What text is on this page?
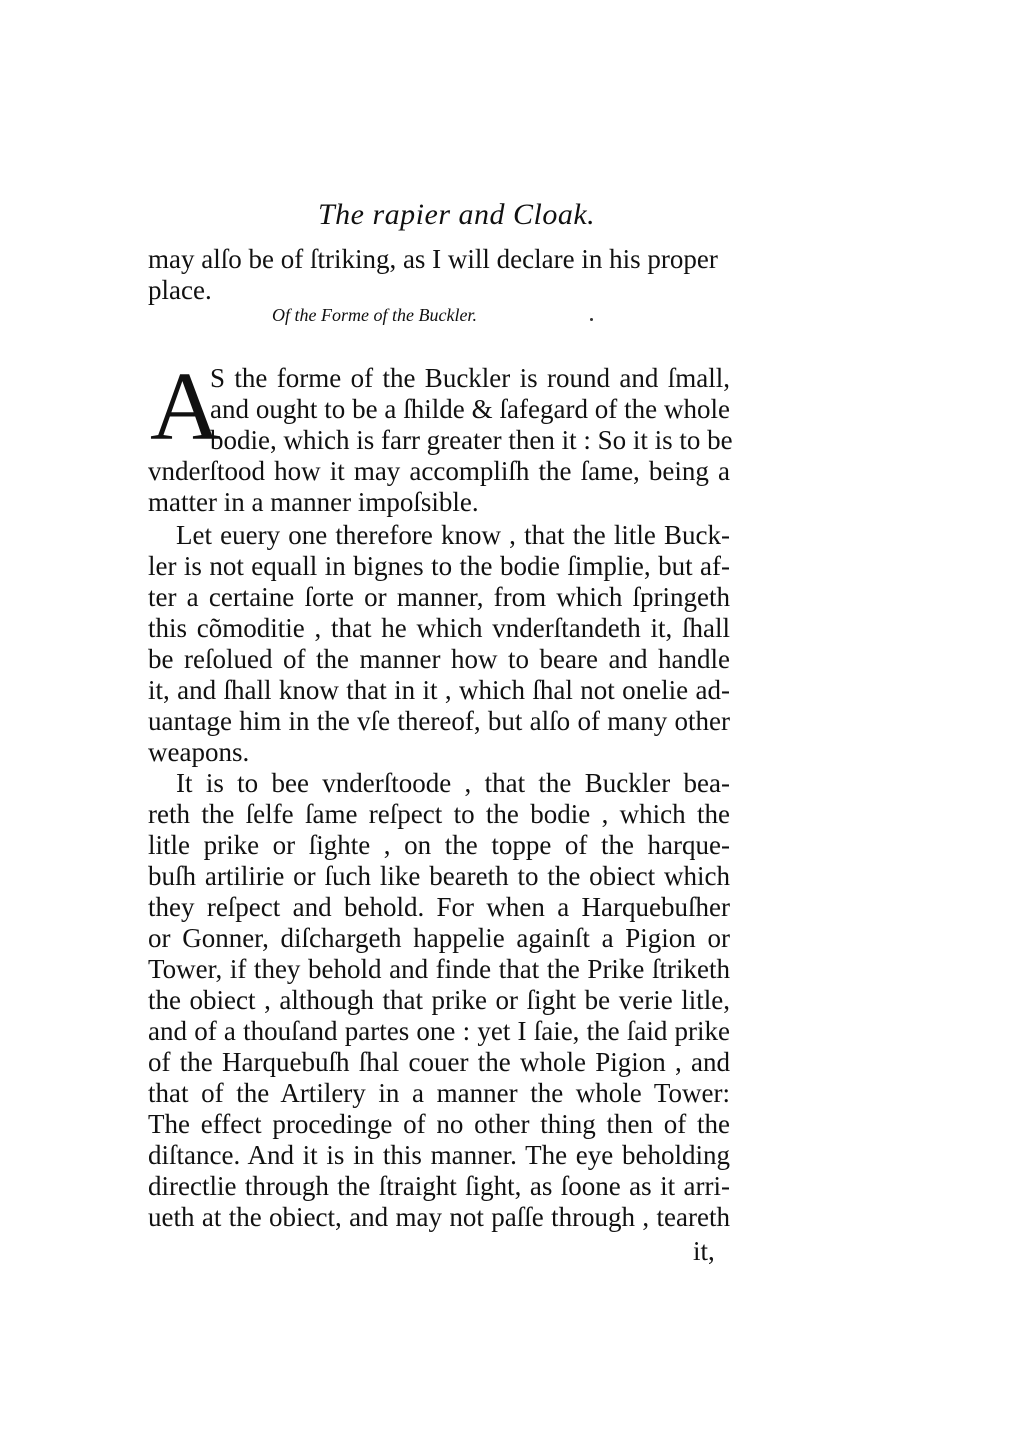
The rapier and Cloak.
may alſo be of ſtriking, as I will declare in his proper
place.
Of the Forme of the Buckler.
A
S the forme of the Buckler is round and ſmall,
and ought to be a ſhilde & ſafegard of the whole
bodie, which is farr greater then it : So it is to be
vnderſtood how it may accompliſh the ſame, being a
matter in a manner impoſsible.
Let euery one therefore know , that the litle Buck-
ler is not equall in bignes to the bodie ſimplie, but af-
ter a certaine ſorte or manner, from which ſpringeth
this cõmoditie , that he which vnderſtandeth it, ſhall
be reſolued of the manner how to beare and handle
it, and ſhall know that in it , which ſhal not onelie ad-
uantage him in the vſe thereof, but alſo of many other
weapons.
It is to bee vnderſtoode , that the Buckler bea-
reth the ſelfe ſame reſpect to the bodie , which the
litle prike or ſighte , on the toppe of the harque-
buſh artilirie or ſuch like beareth to the obiect which
they reſpect and behold. For when a Harquebuſher
or Gonner, diſchargeth happelie againſt a Pigion or
Tower, if they behold and finde that the Prike ſtriketh
the obiect , although that prike or ſight be verie litle,
and of a thouſand partes one : yet I ſaie, the ſaid prike
of the Harquebuſh ſhal couer the whole Pigion , and
that of the Artilery in a manner the whole Tower:
The effect procedinge of no other thing then of the
diſtance. And it is in this manner. The eye beholding
directlie through the ſtraight ſight, as ſoone as it arri-
ueth at the obiect, and may not paſſe through , teareth
it,
